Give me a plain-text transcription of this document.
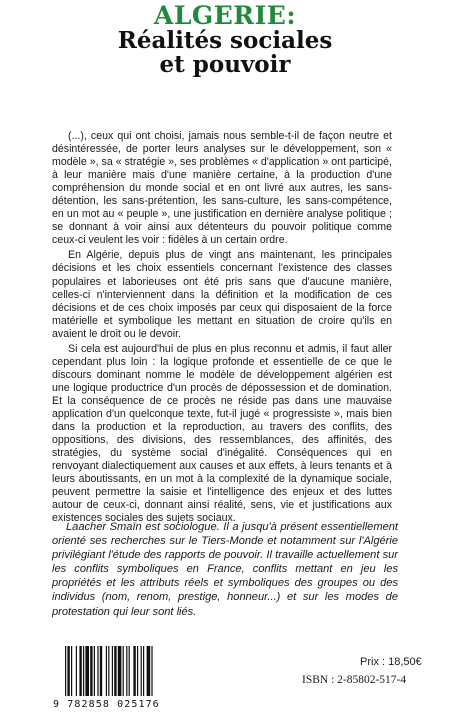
ALGERIE:
Réalités sociales
et pouvoir

(...), ceux qui ont choisi, jamais nous semble-t-il de façon neutre et désintéressée, de porter leurs analyses sur le développement, son « modèle », sa « stratégie », ses problèmes « d'application » ont participé, à leur manière mais d'une manière certaine, à la production d'une compréhension du monde social et en ont livré aux autres, les sans-détention, les sans-prétention, les sans-culture, les sans-compétence, en un mot au « peuple », une justification en dernière analyse politique ; se donnant à voir ainsi aux détenteurs du pouvoir politique comme ceux-ci veulent les voir : fidèles à un certain ordre.

En Algérie, depuis plus de vingt ans maintenant, les principales décisions et les choix essentiels concernant l'existence des classes populaires et laborieuses ont été pris sans que d'aucune manière, celles-ci n'interviennent dans la définition et la modification de ces décisions et de ces choix imposés par ceux qui disposaient de la force matérielle et symbolique les mettant en situation de croire qu'ils en avaient le droit ou le devoir.

Si cela est aujourd'hui de plus en plus reconnu et admis, il faut aller cependant plus loin : la logique profonde et essentielle de ce que le discours dominant nomme le modèle de développement algérien est une logique productrice d'un procès de dépossession et de domination. Et la conséquence de ce procès ne réside pas dans une mauvaise application d'un quelconque texte, fut-il jugé « progressiste », mais bien dans la production et la reproduction, au travers des conflits, des oppositions, des divisions, des ressemblances, des affinités, des stratégies, du système social d'inégalité. Conséquences qui en renvoyant dialectiquement aux causes et aux effets, à leurs tenants et à leurs aboutissants, en un mot à la complexité de la dynamique sociale, peuvent permettre la saisie et l'intelligence des enjeux et des luttes autour de ceux-ci, donnant ainsi réalité, sens, vie et justifications aux existences sociales des sujets sociaux.

Laacher Smaïn est sociologue. Il a jusqu'à présent essentiellement orienté ses recherches sur le Tiers-Monde et notamment sur l'Algérie privilégiant l'étude des rapports de pouvoir. Il travaille actuellement sur les conflits symboliques en France, conflits mettant en jeu les propriétés et les attributs réels et symboliques des groupes ou des individus (nom, renom, prestige, honneur...) et sur les modes de protestation qui leur sont liés.

9 782858 025176
Prix : 18,50€
ISBN : 2-85802-517-4
